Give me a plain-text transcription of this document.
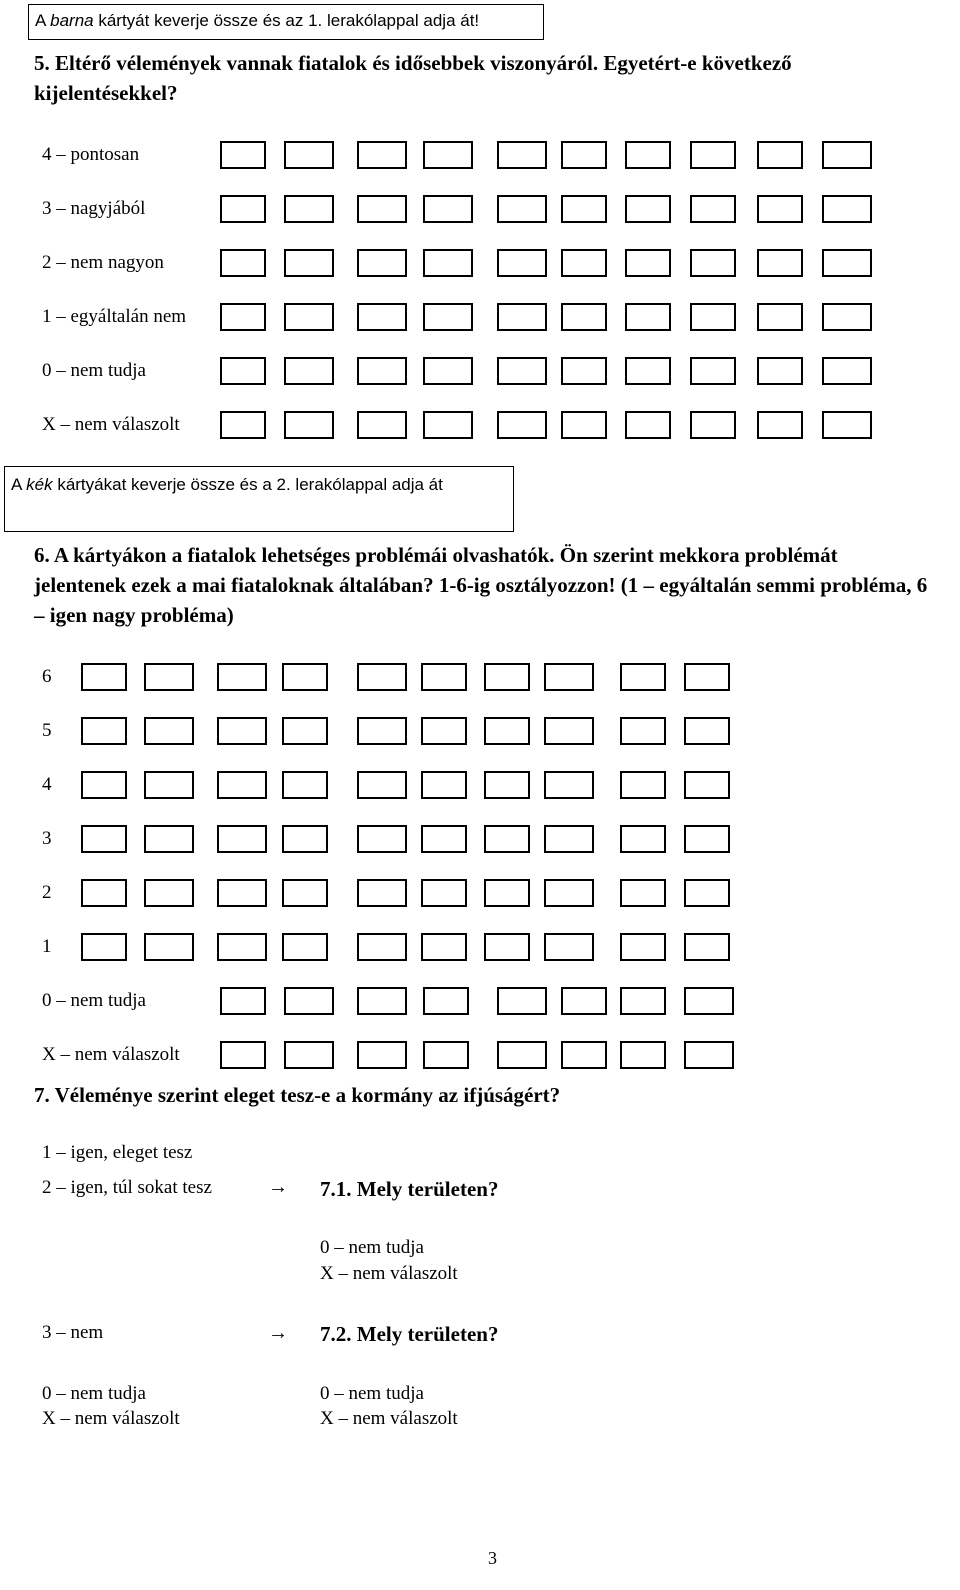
A barna kártyát keverje össze és az 1. lerakólappal adja át!
5. Eltérő vélemények vannak fiatalok és idősebbek viszonyáról. Egyetért-e következő kijelentésekkel?
4 – pontosan
3 – nagyjából
2 – nem nagyon
1 – egyáltalán nem
0 – nem tudja
X – nem válaszolt
A kék kártyákat keverje össze és a 2. lerakólappal adja át
6. A kártyákon a fiatalok lehetséges problémái olvashatók. Ön szerint mekkora problémát jelentenek ezek a mai fiataloknak általában? 1-6-ig osztályozzon! (1 – egyáltalán semmi probléma, 6 – igen nagy probléma)
6
5
4
3
2
1
0 – nem tudja
X – nem válaszolt
7. Véleménye szerint eleget tesz-e a kormány az ifjúságért?
1 – igen, eleget tesz
2 – igen, túl sokat tesz	→ 7.1. Mely területen?
0 – nem tudja
X – nem válaszolt
3 – nem	→ 7.2. Mely területen?
0 – nem tudja
X – nem válaszolt
0 – nem tudja
X – nem válaszolt
3
